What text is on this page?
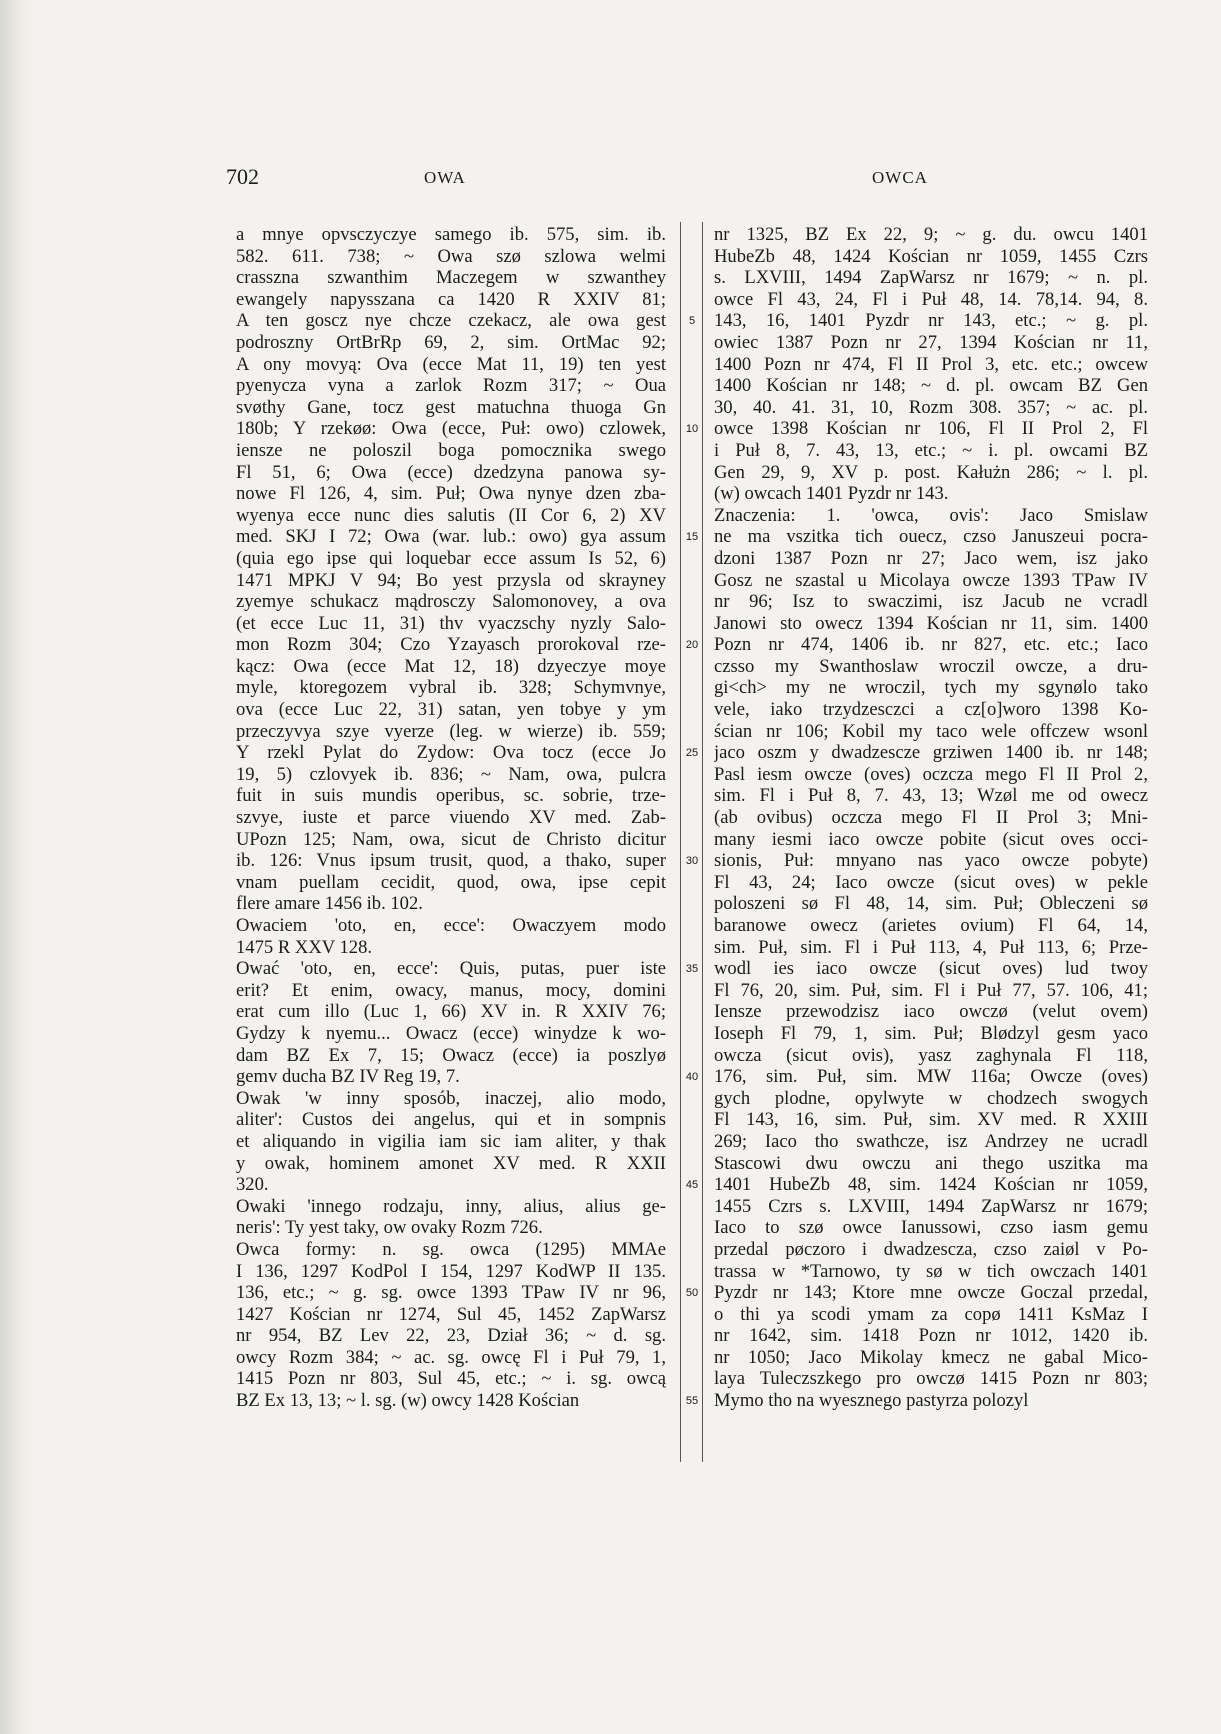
702	OWA	OWCA
a mnye opvsczyczye samego ib. 575, sim. ib.
582. 611. 738; ~ Owa szø szlowa welmi
crasszna szwanthim Maczegem w szwanthey
ewangely napysszana ca 1420 R XXIV 81;
A ten goscz nye chcze czekacz, ale owa gest
podroszny OrtBrRp 69, 2, sim. OrtMac 92;
A ony movyą: Ova (ecce Mat 11, 19) ten yest
pyenycza vyna a zarlok Rozm 317; ~ Oua
svøthy Gane, tocz gest matuchna thuoga Gn
180b; Y rzekøø: Owa (ecce, Puł: owo) czlowek,
iensze ne poloszil boga pomocznika swego
Fl 51, 6; Owa (ecce) dzedzyna panowa sy-
nowe Fl 126, 4, sim. Puł; Owa nynye dzen zba-
wyenya ecce nunc dies salutis (II Cor 6, 2) XV
med. SKJ I 72; Owa (war. lub.: owo) gya assum
(quia ego ipse qui loquebar ecce assum Is 52, 6)
1471 MPKJ V 94; Bo yest przysla od skrayney
zyemye schukacz mądrosczy Salomonovey, a ova
(et ecce Luc 11, 31) thv vyaczschy nyzly Salo-
mon Rozm 304; Czo Yzayasch prorokoval rze-
kącz: Owa (ecce Mat 12, 18) dzyeczye moye
myle, ktoregozem vybral ib. 328; Schymvnye,
ova (ecce Luc 22, 31) satan, yen tobye y ym
przeczyvya szye vyerze (leg. w wierze) ib. 559;
Y rzekl Pylat do Zydow: Ova tocz (ecce Jo
19, 5) czlovyek ib. 836; ~ Nam, owa, pulcra
fuit in suis mundis operibus, sc. sobrie, trze-
szvye, iuste et parce viuendo XV med. Zab-
UPozn 125; Nam, owa, sicut de Christo dicitur
ib. 126: Vnus ipsum trusit, quod, a thako, super
vnam puellam cecidit, quod, owa, ipse cepit
flere amare 1456 ib. 102.
Owaciem 'oto, en, ecce': Owaczyem modo
1475 R XXV 128.
Ować 'oto, en, ecce': Quis, putas, puer iste
erit? Et enim, owacy, manus, mocy, domini
erat cum illo (Luc 1, 66) XV in. R XXIV 76;
Gydzy k nyemu... Owacz (ecce) winydze k wo-
dam BZ Ex 7, 15; Owacz (ecce) ia poszlyø
gemv ducha BZ IV Reg 19, 7.
Owak 'w inny sposób, inaczej, alio modo,
aliter': Custos dei angelus, qui et in sompnis
et aliquando in vigilia iam sic iam aliter, y thak
y owak, hominem amonet XV med. R XXII
320.
Owaki 'innego rodzaju, inny, alius, alius ge-
neris': Ty yest taky, ow ovaky Rozm 726.
Owca formy: n. sg. owca (1295) MMAe
I 136, 1297 KodPol I 154, 1297 KodWP II 135.
136, etc.; ~ g. sg. owce 1393 TPaw IV nr 96,
1427 Kościan nr 1274, Sul 45, 1452 ZapWarsz
nr 954, BZ Lev 22, 23, Dział 36; ~ d. sg.
owcy Rozm 384; ~ ac. sg. owcę Fl i Puł 79, 1,
1415 Pozn nr 803, Sul 45, etc.; ~ i. sg. owcą
BZ Ex 13, 13; ~ l. sg. (w) owcy 1428 Kościan
5
10
15
20
25
30
35
40
45
50
55
nr 1325, BZ Ex 22, 9; ~ g. du. owcu 1401
HubeZb 48, 1424 Kościan nr 1059, 1455 Czrs
s. LXVIII, 1494 ZapWarsz nr 1679; ~ n. pl.
owce Fl 43, 24, Fl i Puł 48, 14. 78,14. 94, 8.
143, 16, 1401 Pyzdr nr 143, etc.; ~ g. pl.
owiec 1387 Pozn nr 27, 1394 Kościan nr 11,
1400 Pozn nr 474, Fl II Prol 3, etc. etc.; owcew
1400 Kościan nr 148; ~ d. pl. owcam BZ Gen
30, 40. 41. 31, 10, Rozm 308. 357; ~ ac. pl.
owce 1398 Kościan nr 106, Fl II Prol 2, Fl
i Puł 8, 7. 43, 13, etc.; ~ i. pl. owcami BZ
Gen 29, 9, XV p. post. Kałużn 286; ~ l. pl.
(w) owcach 1401 Pyzdr nr 143.
Znaczenia: 1. 'owca, ovis': Jaco Smislaw
ne ma vszitka tich ouecz, czso Januszeui pocra-
dzoni 1387 Pozn nr 27; Jaco wem, isz jako
Gosz ne szastal u Micolaya owcze 1393 TPaw IV
nr 96; Isz to swaczimi, isz Jacub ne vcradl
Janowi sto owecz 1394 Kościan nr 11, sim. 1400
Pozn nr 474, 1406 ib. nr 827, etc. etc.; Iaco
czsso my Swanthoslaw wroczil owcze, a dru-
gi<ch> my ne wroczil, tych my sgynølo tako
vele, iako trzydzesczci a cz[o]woro 1398 Ko-
ścian nr 106; Kobil my taco wele offczew wsonl
jaco oszm y dwadzescze grziwen 1400 ib. nr 148;
Pasl iesm owcze (oves) oczcza mego Fl II Prol 2,
sim. Fl i Puł 8, 7. 43, 13; Wzøl me od owecz
(ab ovibus) oczcza mego Fl II Prol 3; Mni-
many iesmi iaco owcze pobite (sicut oves occi-
sionis, Puł: mnyano nas yaco owcze pobyte)
Fl 43, 24; Iaco owcze (sicut oves) w pekle
poloszeni sø Fl 48, 14, sim. Puł; Obleczeni sø
baranowe owecz (arietes ovium) Fl 64, 14,
sim. Puł, sim. Fl i Puł 113, 4, Puł 113, 6; Prze-
wodl ies iaco owcze (sicut oves) lud twoy
Fl 76, 20, sim. Puł, sim. Fl i Puł 77, 57. 106, 41;
Iensze przewodzisz iaco owczø (velut ovem)
Ioseph Fl 79, 1, sim. Puł; Blødzyl gesm yaco
owcza (sicut ovis), yasz zaghynala Fl 118,
176, sim. Puł, sim. MW 116a; Owcze (oves)
gych plodne, opylwyte w chodzech swogych
Fl 143, 16, sim. Puł, sim. XV med. R XXIII
269; Iaco tho swathcze, isz Andrzey ne ucradl
Stascowi dwu owczu ani thego uszitka ma
1401 HubeZb 48, sim. 1424 Kościan nr 1059,
1455 Czrs s. LXVIII, 1494 ZapWarsz nr 1679;
Iaco to szø owce Ianussowi, czso iasm gemu
przedal pøczoro i dwadzescza, czso zaiøl v Po-
trassa w *Tarnowo, ty sø w tich owczach 1401
Pyzdr nr 143; Ktore mne owcze Goczal przedal,
o thi ya scodi ymam za copø 1411 KsMaz I
nr 1642, sim. 1418 Pozn nr 1012, 1420 ib.
nr 1050; Jaco Mikolay kmecz ne gabal Mico-
laya Tuleczszkego pro owczø 1415 Pozn nr 803;
Mymo tho na wyesznego pastyrza polozyl
